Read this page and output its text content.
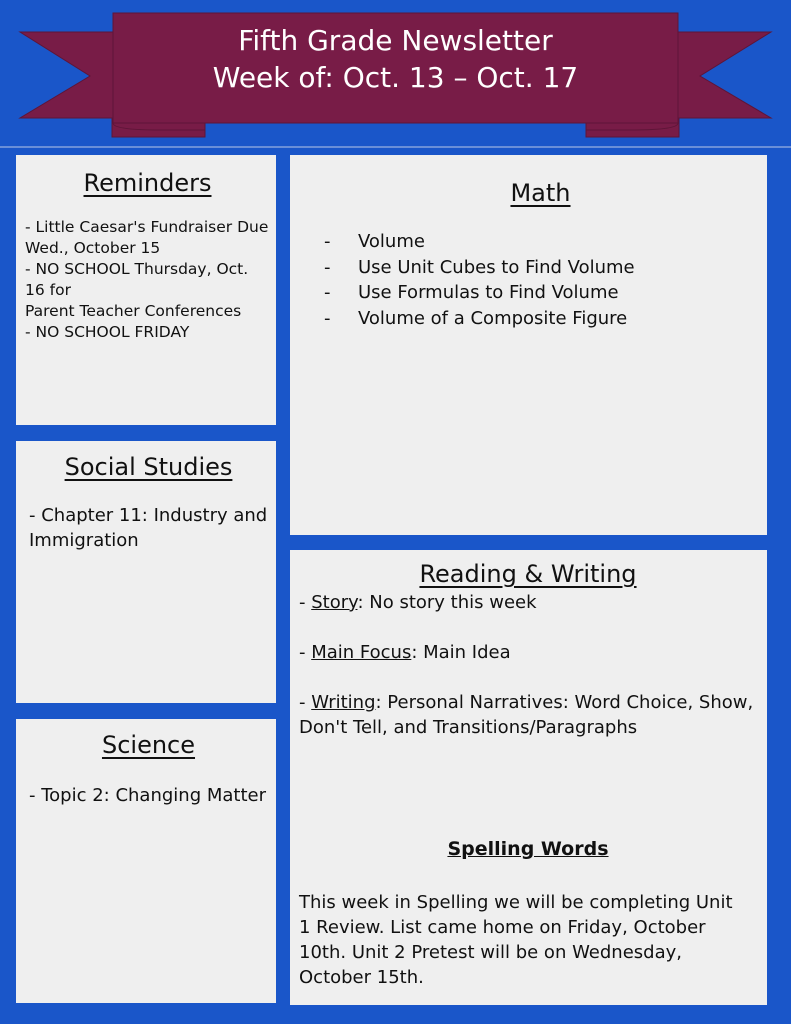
Fifth Grade Newsletter
Week of: Oct. 13 – Oct. 17
Reminders
- Little Caesar's Fundraiser Due
Wed., October 15
- NO SCHOOL Thursday, Oct. 16 for
Parent Teacher Conferences
- NO SCHOOL FRIDAY
Social Studies
- Chapter 11: Industry and
Immigration
Science
- Topic 2: Changing Matter
Math
- Volume
- Use Unit Cubes to Find Volume
- Use Formulas to Find Volume
- Volume of a Composite Figure
Reading & Writing
- Story: No story this week
- Main Focus: Main Idea
- Writing: Personal Narratives: Word Choice, Show,
Don't Tell, and Transitions/Paragraphs
Spelling Words
This week in Spelling we will be completing Unit
1 Review. List came home on Friday, October
10th. Unit 2 Pretest will be on Wednesday,
October 15th.
